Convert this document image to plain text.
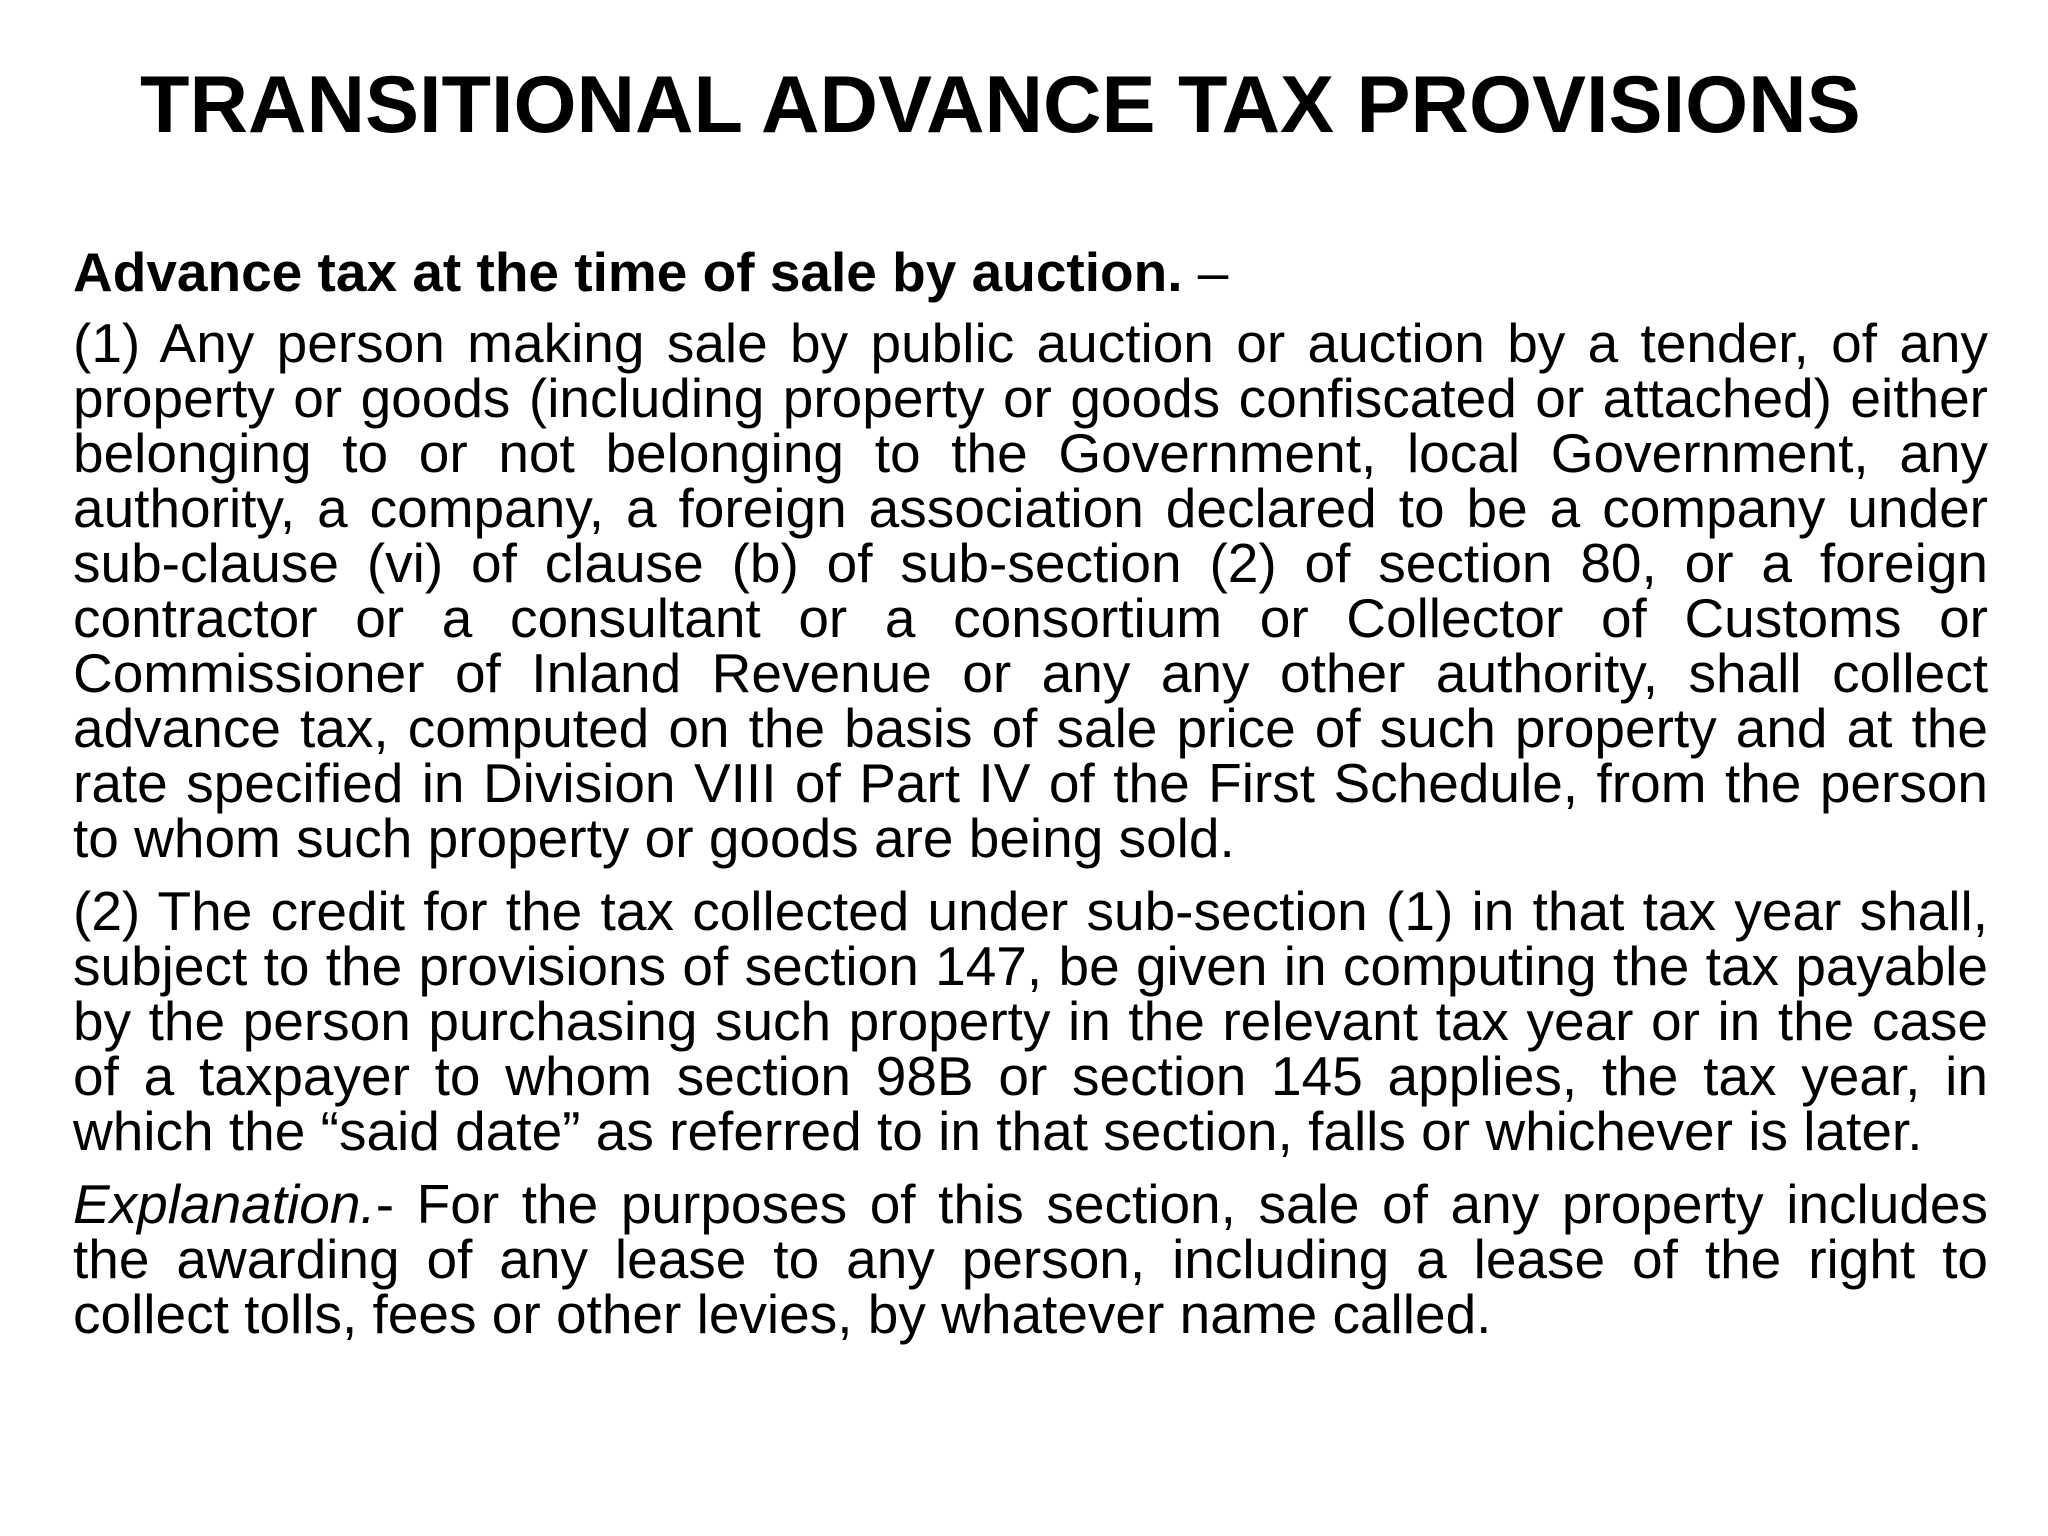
TRANSITIONAL ADVANCE TAX PROVISIONS

Advance tax at the time of sale by auction. –

(1) Any person making sale by public auction or auction by a tender, of any property or goods (including property or goods confiscated or attached) either belonging to or not belonging to the Government, local Government, any authority, a company, a foreign association declared to be a company under sub-clause (vi) of clause (b) of sub-section (2) of section 80, or a foreign contractor or a consultant or a consortium or Collector of Customs or Commissioner of Inland Revenue or any any other authority, shall collect advance tax, computed on the basis of sale price of such property and at the rate specified in Division VIII of Part IV of the First Schedule, from the person to whom such property or goods are being sold.

(2) The credit for the tax collected under sub-section (1) in that tax year shall, subject to the provisions of section 147, be given in computing the tax payable by the person purchasing such property in the relevant tax year or in the case of a taxpayer to whom section 98B or section 145 applies, the tax year, in which the “said date” as referred to in that section, falls or whichever is later.

Explanation.- For the purposes of this section, sale of any property includes the awarding of any lease to any person, including a lease of the right to collect tolls, fees or other levies, by whatever name called.
